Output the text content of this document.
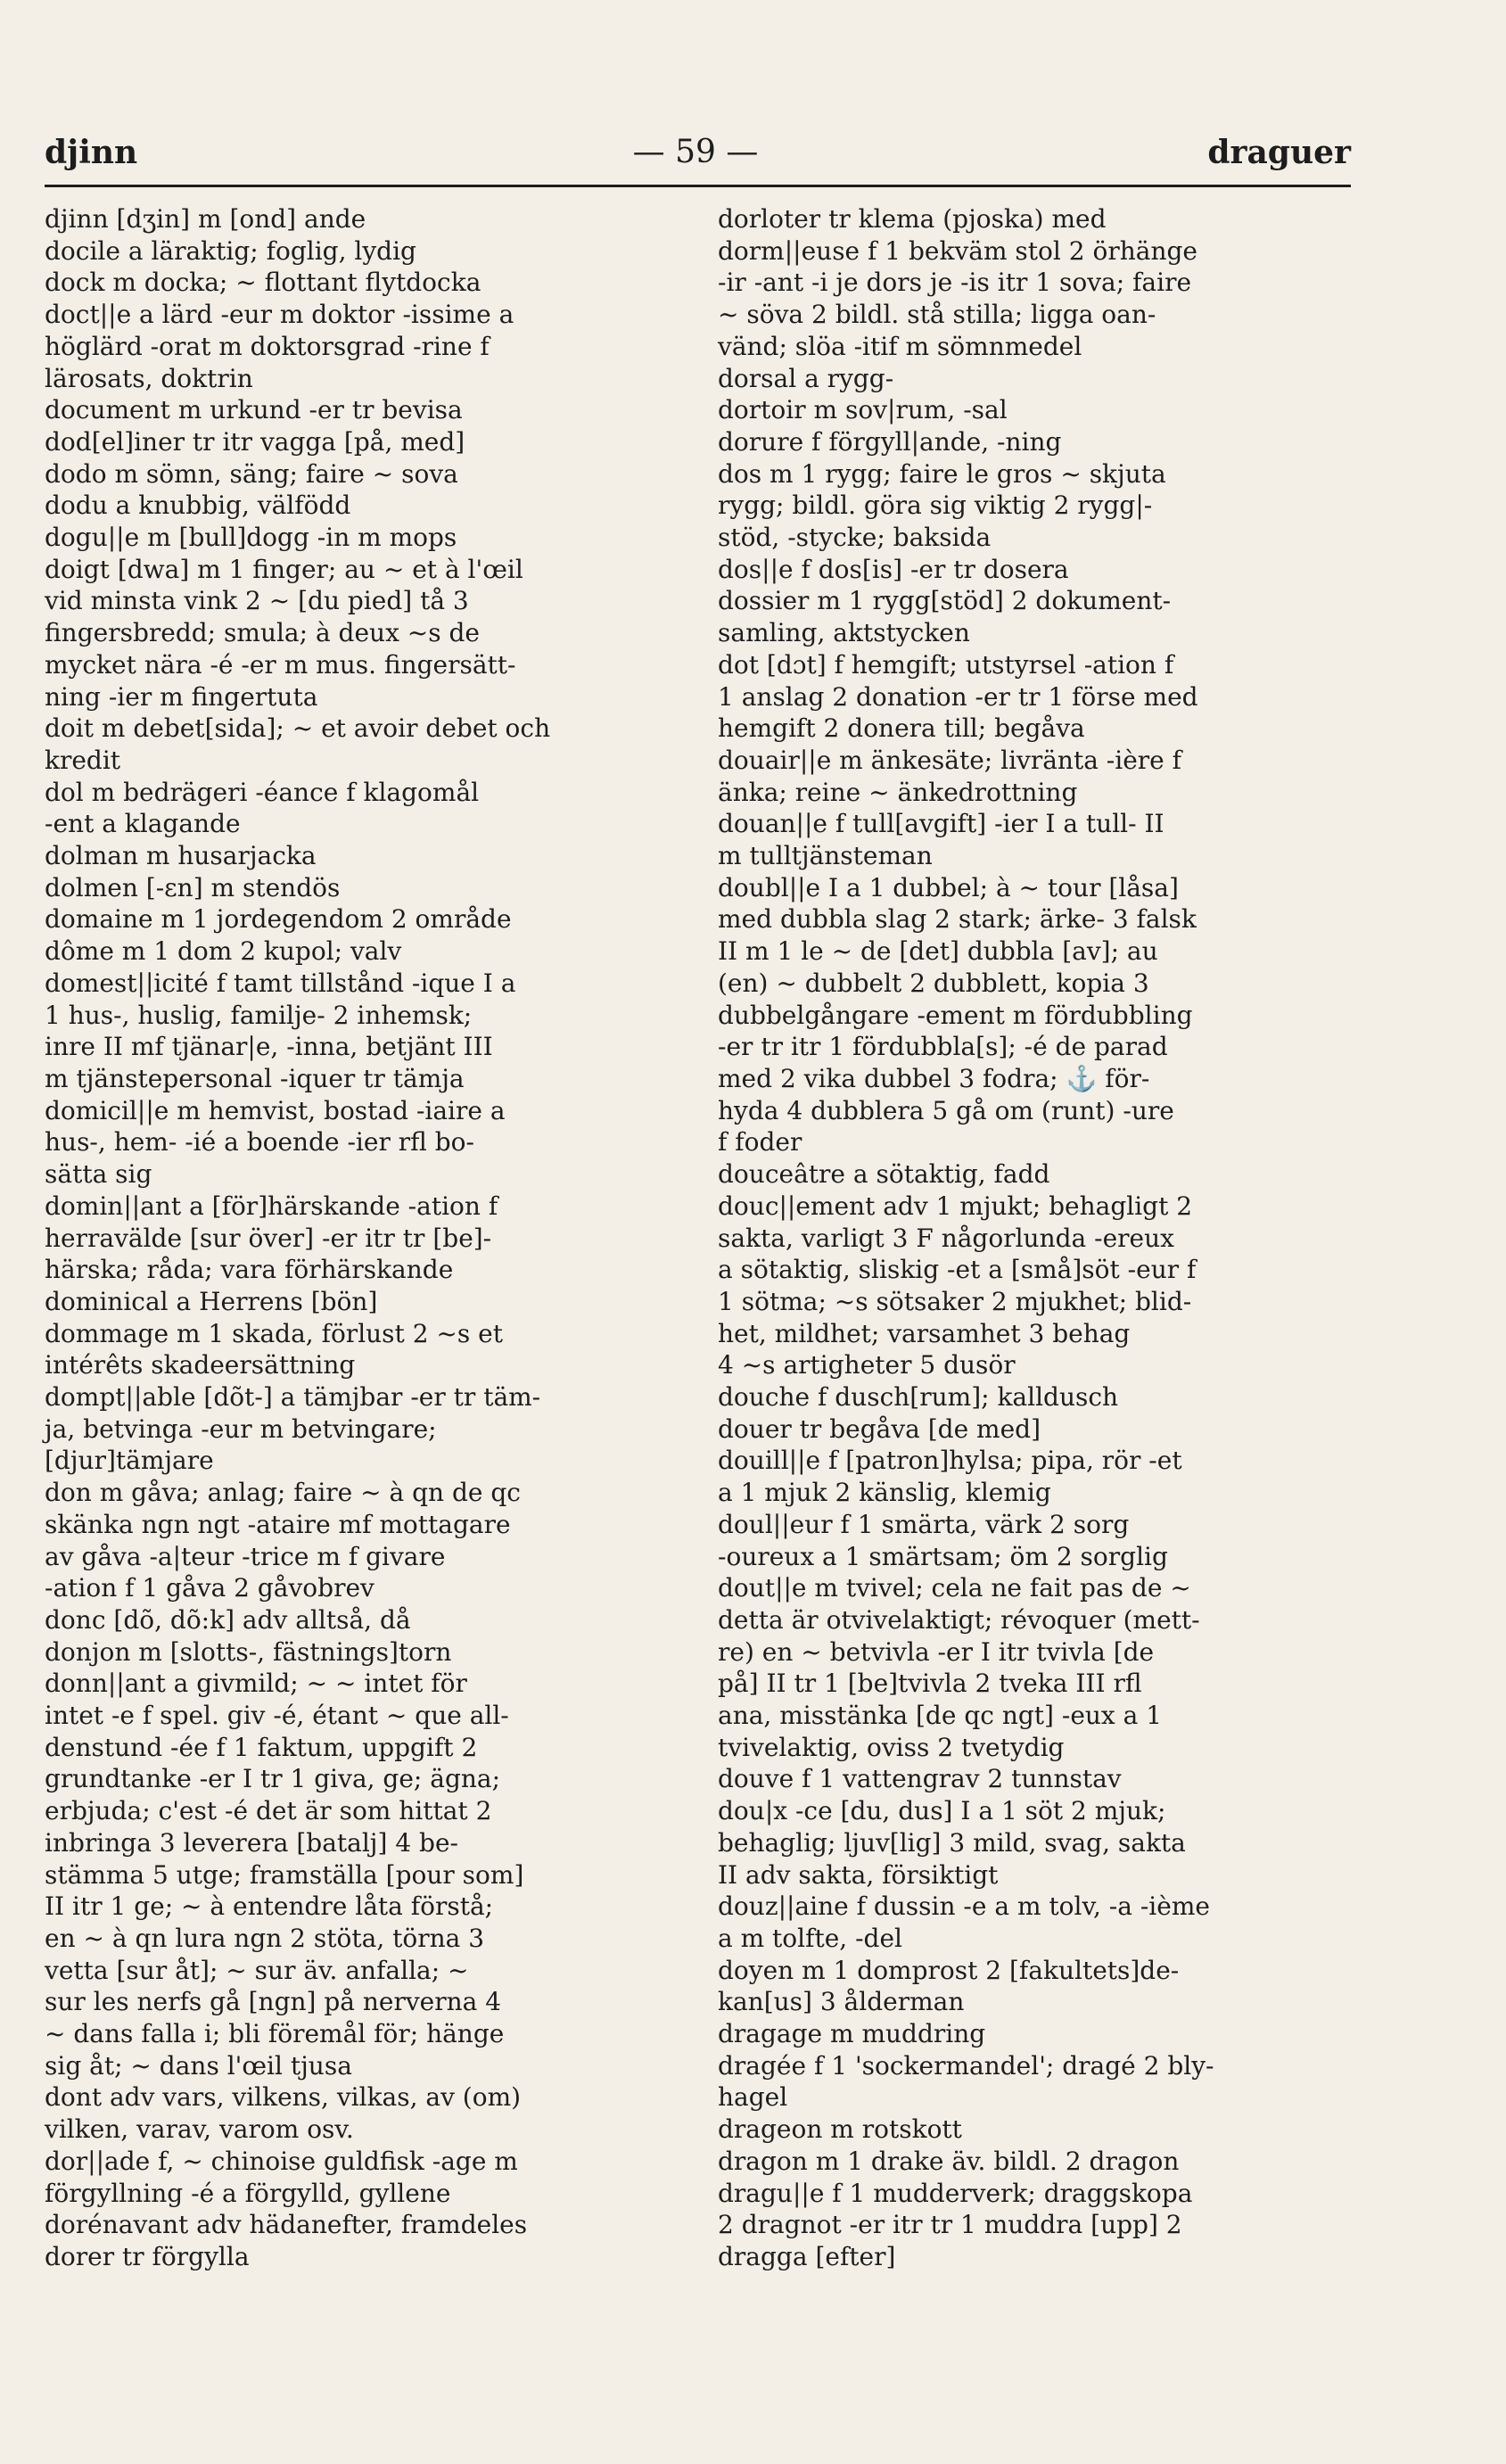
djinn	— 59 —	draguer
djinn [dʒin] m [ond] ande
docile a läraktig; foglig, lydig
dock m docka; ~ flottant flytdocka
doct||e a lärd -eur m doktor -issime a
höglärd -orat m doktorsgrad -rine f
lärosats, doktrin
document m urkund -er tr bevisa
dod[el]iner tr itr vagga [på, med]
dodo m sömn, säng; faire ~ sova
dodu a knubbig, välfödd
dogu||e m [bull]dogg -in m mops
doigt [dwa] m 1 finger; au ~ et à l'œil
vid minsta vink 2 ~ [du pied] tå 3
fingersbredd; smula; à deux ~s de
mycket nära -é -er m mus. fingersätt-
ning -ier m fingertuta
doit m debet[sida]; ~ et avoir debet och
kredit
dol m bedrägeri -éance f klagomål
-ent a klagande
dolman m husarjacka
dolmen [-ɛn] m stendös
domaine m 1 jordegendom 2 område
dôme m 1 dom 2 kupol; valv
domest||icité f tamt tillstånd -ique I a
1 hus-, huslig, familje- 2 inhemsk;
inre II mf tjänar|e, -inna, betjänt III
m tjänstepersonal -iquer tr tämja
domicil||e m hemvist, bostad -iaire a
hus-, hem- -ié a boende -ier rfl bo-
sätta sig
domin||ant a [för]härskande -ation f
herravälde [sur över] -er itr tr [be]-
härska; råda; vara förhärskande
dominical a Herrens [bön]
dommage m 1 skada, förlust 2 ~s et
intérêts skadeersättning
dompt||able [dõt-] a tämjbar -er tr täm-
ja, betvinga -eur m betvingare;
[djur]tämjare
don m gåva; anlag; faire ~ à qn de qc
skänka ngn ngt -ataire mf mottagare
av gåva -a|teur -trice m f givare
-ation f 1 gåva 2 gåvobrev
donc [dõ, dõ:k] adv alltså, då
donjon m [slotts-, fästnings]torn
donn||ant a givmild; ~ ~ intet för
intet -e f spel. giv -é, étant ~ que all-
denstund -ée f 1 faktum, uppgift 2
grundtanke -er I tr 1 giva, ge; ägna;
erbjuda; c'est -é det är som hittat 2
inbringa 3 leverera [batalj] 4 be-
stämma 5 utge; framställa [pour som]
II itr 1 ge; ~ à entendre låta förstå;
en ~ à qn lura ngn 2 stöta, törna 3
vetta [sur åt]; ~ sur äv. anfalla; ~
sur les nerfs gå [ngn] på nerverna 4
~ dans falla i; bli föremål för; hänge
sig åt; ~ dans l'œil tjusa
dont adv vars, vilkens, vilkas, av (om)
vilken, varav, varom osv.
dor||ade f, ~ chinoise guldfisk -age m
förgyllning -é a förgylld, gyllene
dorénavant adv hädanefter, framdeles
dorer tr förgylla
dorloter tr klema (pjoska) med
dorm||euse f 1 bekväm stol 2 örhänge
-ir -ant -i je dors je -is itr 1 sova; faire
~ söva 2 bildl. stå stilla; ligga oan-
vänd; slöa -itif m sömnmedel
dorsal a rygg-
dortoir m sov|rum, -sal
dorure f förgyll|ande, -ning
dos m 1 rygg; faire le gros ~ skjuta
rygg; bildl. göra sig viktig 2 rygg|-
stöd, -stycke; baksida
dos||e f dos[is] -er tr dosera
dossier m 1 rygg[stöd] 2 dokument-
samling, aktstycken
dot [dɔt] f hemgift; utstyrsel -ation f
1 anslag 2 donation -er tr 1 förse med
hemgift 2 donera till; begåva
douair||e m änkesäte; livränta -ière f
änka; reine ~ änkedrottning
douan||e f tull[avgift] -ier I a tull- II
m tulltjänsteman
doubl||e I a 1 dubbel; à ~ tour [låsa]
med dubbla slag 2 stark; ärke- 3 falsk
II m 1 le ~ de [det] dubbla [av]; au
(en) ~ dubbelt 2 dubblett, kopia 3
dubbelgångare -ement m fördubbling
-er tr itr 1 fördubbla[s]; -é de parad
med 2 vika dubbel 3 fodra; ⚓ för-
hyda 4 dubblera 5 gå om (runt) -ure
f foder
douceâtre a sötaktig, fadd
douc||ement adv 1 mjukt; behagligt 2
sakta, varligt 3 F någorlunda -ereux
a sötaktig, sliskig -et a [små]söt -eur f
1 sötma; ~s sötsaker 2 mjukhet; blid-
het, mildhet; varsamhet 3 behag
4 ~s artigheter 5 dusör
douche f dusch[rum]; kalldusch
douer tr begåva [de med]
douill||e f [patron]hylsa; pipa, rör -et
a 1 mjuk 2 känslig, klemig
doul||eur f 1 smärta, värk 2 sorg
-oureux a 1 smärtsam; öm 2 sorglig
dout||e m tvivel; cela ne fait pas de ~
detta är otvivelaktigt; révoquer (mett-
re) en ~ betvivla -er I itr tvivla [de
på] II tr 1 [be]tvivla 2 tveka III rfl
ana, misstänka [de qc ngt] -eux a 1
tvivelaktig, oviss 2 tvetydig
douve f 1 vattengrav 2 tunnstav
dou|x -ce [du, dus] I a 1 söt 2 mjuk;
behaglig; ljuv[lig] 3 mild, svag, sakta
II adv sakta, försiktigt
douz||aine f dussin -e a m tolv, -a -ième
a m tolfte, -del
doyen m 1 domprost 2 [fakultets]de-
kan[us] 3 ålderman
dragage m muddring
dragée f 1 'sockermandel'; dragé 2 bly-
hagel
drageon m rotskott
dragon m 1 drake äv. bildl. 2 dragon
dragu||e f 1 mudderverk; draggskopa
2 dragnot -er itr tr 1 muddra [upp] 2
dragga [efter]
